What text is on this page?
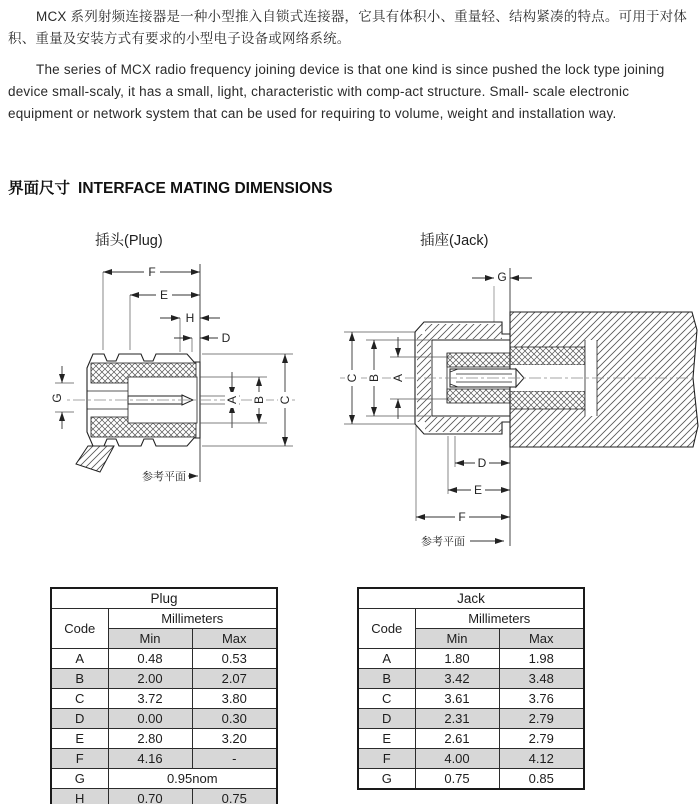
MCX 系列射频连接器是一种小型推入自锁式连接器，它具有体积小、重量轻、结构紧凑的特点。可用于对体积、重量及安装方式有要求的小型电子设备或网络系统。

The series of MCX radio frequency joining device is that one kind is since pushed the lock type joining device small-scaly, it has a small, light, characteristic with comp-act structure. Small- scale electronic equipment or network system that can be used for requiring to volume, weight and installation way.

界面尺寸 INTERFACE MATING DIMENSIONS
插头(Plug)	插座(Jack)
F
E
H
D
G	A B C
参考平面
G
C B A
D
E
F
参考平面
Plug		
Code	Millimeters	
	Min	Max
A	0.48	0.53
B	2.00	2.07
C	3.72	3.80
D	0.00	0.30
E	2.80	3.20
F	4.16	-
G	0.95nom	
H	0.70	0.75
Jack		
Code	Millimeters	
	Min	Max
A	1.80	1.98
B	3.42	3.48
C	3.61	3.76
D	2.31	2.79
E	2.61	2.79
F	4.00	4.12
G	0.75	0.85
